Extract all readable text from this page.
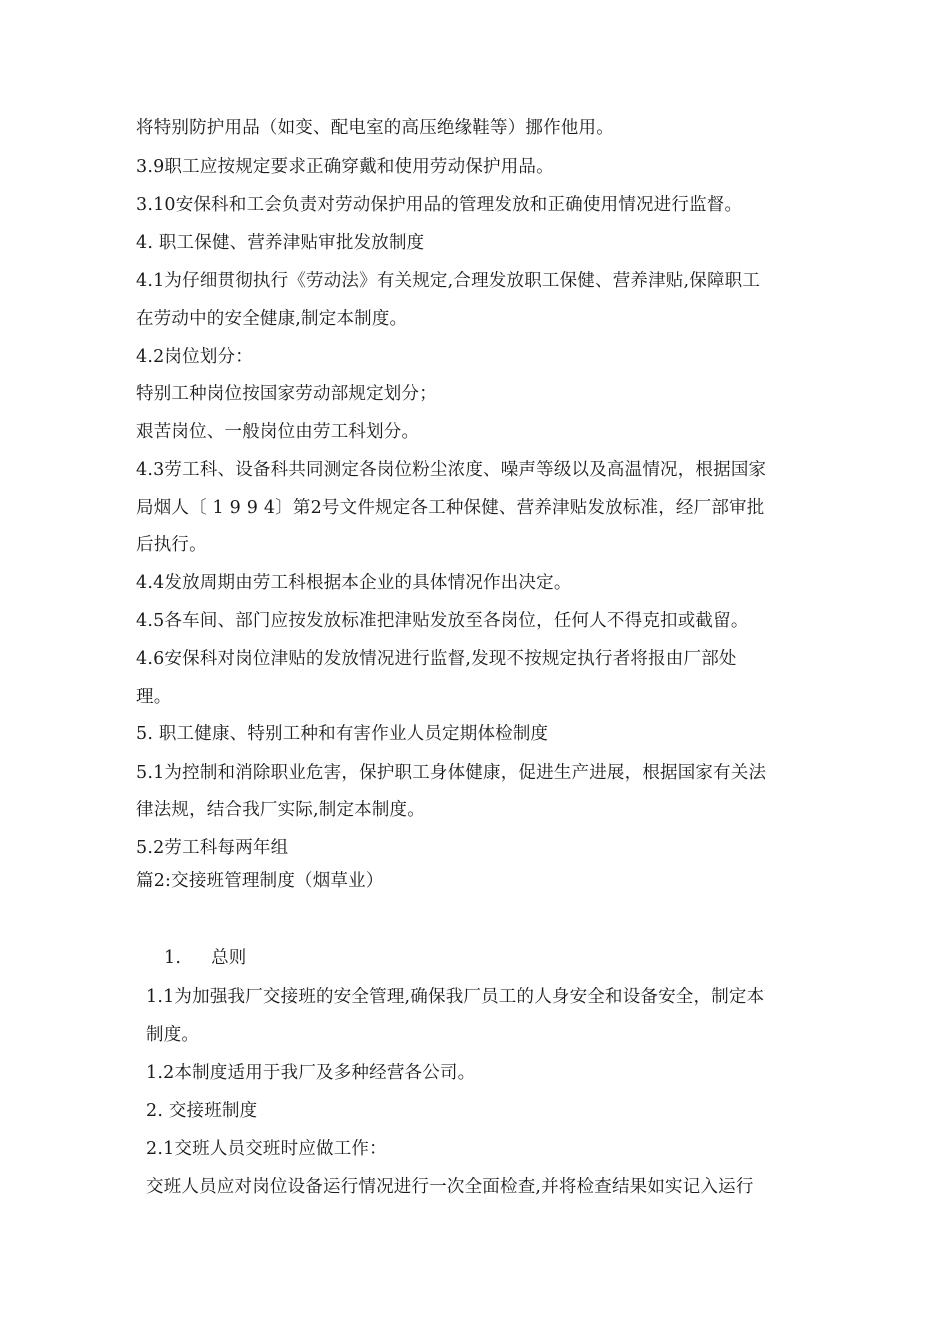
将特别防护用品（如变、配电室的高压绝缘鞋等）挪作他用。
3.9职工应按规定要求正确穿戴和使用劳动保护用品。
3.10安保科和工会负责对劳动保护用品的管理发放和正确使用情况进行监督。
4. 职工保健、营养津贴审批发放制度
4.1为仔细贯彻执行《劳动法》有关规定,合理发放职工保健、营养津贴,保障职工
在劳动中的安全健康,制定本制度。
4.2岗位划分：
特别工种岗位按国家劳动部规定划分；
艰苦岗位、一般岗位由劳工科划分。
4.3劳工科、设备科共同测定各岗位粉尘浓度、噪声等级以及高温情况，根据国家
局烟人〔 1 9 9 4〕第2号文件规定各工种保健、营养津贴发放标准，经厂部审批
后执行。
4.4发放周期由劳工科根据本企业的具体情况作出决定。
4.5各车间、部门应按发放标准把津贴发放至各岗位，任何人不得克扣或截留。
4.6安保科对岗位津贴的发放情况进行监督,发现不按规定执行者将报由厂部处
理。
5. 职工健康、特别工种和有害作业人员定期体检制度
5.1为控制和消除职业危害，保护职工身体健康，促进生产进展，根据国家有关法
律法规，结合我厂实际,制定本制度。
5.2劳工科每两年组
篇2:交接班管理制度（烟草业）
1. 总则
1.1为加强我厂交接班的安全管理,确保我厂员工的人身安全和设备安全，制定本
制度。
1.2本制度适用于我厂及多种经营各公司。
2. 交接班制度
2.1交班人员交班时应做工作：
交班人员应对岗位设备运行情况进行一次全面检查,并将检查结果如实记入运行
